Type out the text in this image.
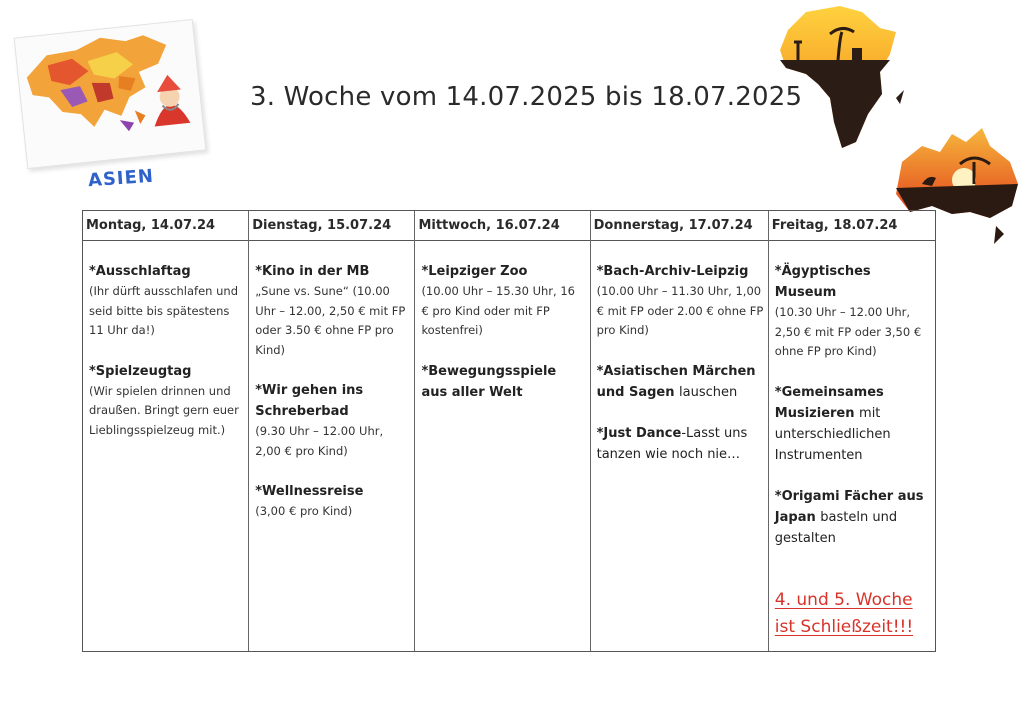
ASIEN
3. Woche vom 14.07.2025 bis 18.07.2025
Montag, 14.07.24
*Ausschlaftag
(Ihr dürft ausschlafen und seid bitte bis spätestens 11 Uhr da!)
*Spielzeugtag
(Wir spielen drinnen und draußen. Bringt gern euer Lieblingsspielzeug mit.)
Dienstag, 15.07.24
*Kino in der MB
„Sune vs. Sune“ (10.00 Uhr – 12.00, 2,50 € mit FP oder 3.50 € ohne FP pro Kind)
*Wir gehen ins Schreberbad
(9.30 Uhr – 12.00 Uhr, 2,00 € pro Kind)
*Wellnessreise
(3,00 € pro Kind)
Mittwoch, 16.07.24
*Leipziger Zoo
(10.00 Uhr – 15.30 Uhr, 16 € pro Kind oder mit FP kostenfrei)
*Bewegungsspiele aus aller Welt
Donnerstag, 17.07.24
*Bach-Archiv-Leipzig
(10.00 Uhr – 11.30 Uhr, 1,00 € mit FP oder 2.00 € ohne FP pro Kind)
*Asiatischen Märchen und Sagen lauschen
*Just Dance-Lasst uns tanzen wie noch nie…
Freitag, 18.07.24
*Ägyptisches Museum
(10.30 Uhr – 12.00 Uhr, 2,50 € mit FP oder 3,50 € ohne FP pro Kind)
*Gemeinsames Musizieren mit unterschiedlichen Instrumenten
*Origami Fächer aus Japan basteln und gestalten
4. und 5. Woche ist Schließzeit!!!
